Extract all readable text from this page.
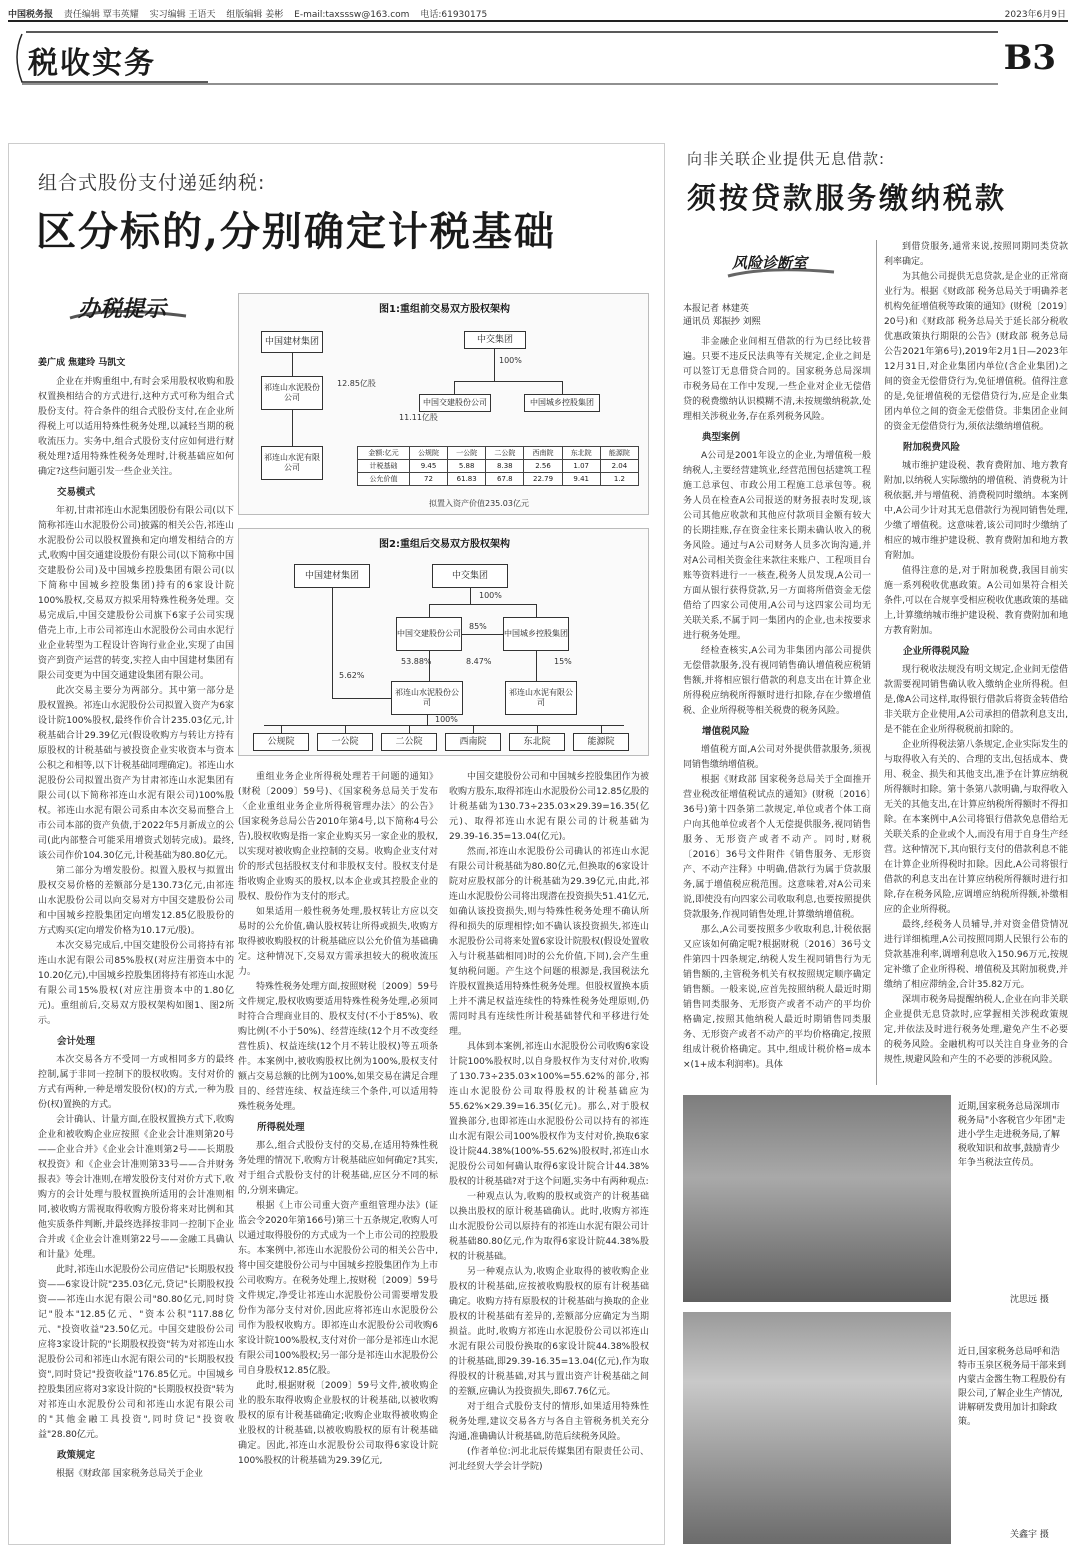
中国税务报 责任编辑 覃韦英耀 实习编辑 王语天 组版编辑 姜彬 E-mail:taxsssw@163.com 电话:61930175	2023年6月9日
税收实务	B3
组合式股份支付递延纳税:
区分标的,分别确定计税基础
办税提示
姜广成 焦建玲 马凯文

企业在并购重组中,有时会采用股权收购和股权置换相结合的方式进行,这种方式可称为组合式股份支付。符合条件的组合式股份支付,在企业所得税上可以适用特殊性税务处理,以减轻当期的税收流压力。实务中,组合式股份支付应如何进行财税处理?适用特殊性税务处理时,计税基础应如何确定?这些问题引发一些企业关注。

交易模式

年初,甘肃祁连山水泥集团股份有限公司(以下简称祁连山水泥股份公司)披露的相关公告,祁连山水泥股份公司以股权置换和定向增发相结合的方式,收购中国交通建设股份有限公司(以下简称中国交建股份公司)及中国城乡控股集团有限公司(以下简称中国城乡控股集团)持有的6家设计院100%股权,交易双方拟采用特殊性税务处理。交易完成后,中国交建股份公司旗下6家子公司实现借壳上市,上市公司祁连山水泥股份公司由水泥行业企业转型为工程设计咨询行业企业,实现了由国资产到资产运营的转变,实控人由中国建材集团有限公司变更为中国交通建设集团有限公司。

此次交易主要分为两部分。其中第一部分是股权置换。祁连山水泥股份公司拟置入资产为6家设计院100%股权,最终作价合计235.03亿元,计税基础合计29.39亿元(假设收购方与转让方持有原股权的计税基础与被投资企业实收资本与资本公积之和相等,以下计税基础同理确定)。祁连山水泥股份公司拟置出资产为甘肃祁连山水泥集团有限公司(以下简称祁连山水泥有限公司)100%股权。祁连山水泥有限公司系由本次交易而整合上市公司本部的资产负债,于2022年5月新成立的公司(此内部整合可能采用增资式划转完成)。最终,该公司作价104.30亿元,计税基础为80.80亿元。

第二部分为增发股份。拟置入股权与拟置出股权交易价格的差额部分是130.73亿元,由祁连山水泥股份公司以向交易对方中国交建股份公司和中国城乡控股集团定向增发12.85亿股股份的方式购买(定向增发价格为10.17元/股)。

本次交易完成后,中国交建股份公司将持有祁连山水泥有限公司85%股权(对应注册资本中的10.20亿元),中国城乡控股集团将持有祁连山水泥有限公司15%股权(对应注册资本中的1.80亿元)。重组前后,交易双方股权架构如图1、图2所示。

会计处理

本次交易各方不受同一方或相同多方的最终控制,属于非同一控制下的股权收购。支付对价的方式有两种,一种是增发股份(权)的方式,一种为股份(权)置换的方式。

会计确认、计量方面,在股权置换方式下,收购企业和被收购企业应按照《企业会计准则第20号——企业合并》《企业会计准则第2号——长期股权投资》和《企业会计准则第33号——合并财务报表》等会计准则,在增发股份支付对价方式下,收购方的会计处理与股权置换所适用的会计准则相同,被收购方需视取得收购方股份将来对比例和其他实质条件判断,并最终选择按非同一控制下企业合并或《企业会计准则第22号——金融工具确认和计量》处理。

此时,祁连山水泥股份公司应借记"长期股权投资——6家设计院"235.03亿元,贷记"长期股权投资——祁连山水泥有限公司"80.80亿元,同时贷记"股本"12.85亿元、"资本公积"117.88亿元、"投资收益"23.50亿元。中国交建股份公司应将3家设计院的"长期股权投资"转为对祁连山水泥股份公司和祁连山水泥有限公司的"长期股权投资",同时贷记"投资收益"176.85亿元。中国城乡控股集团应将对3家设计院的"长期股权投资"转为对祁连山水泥股份公司和祁连山水泥有限公司的"其他金融工具投资",同时贷记"投资收益"28.80亿元。

政策规定

根据《财政部 国家税务总局关于企业

图1:重组前交易双方股权架构
中国建材集团
祁连山水泥股份公司
祁连山水泥有限公司
中交集团
中国交建股份公司	中国城乡控股集团
12.85亿股
11.11亿股
100%
金额:亿元	公规院	一公院	二公院	西南院	东北院	能源院
计税基础	9.45	5.88	8.38	2.56	1.07	2.04
公允价值	72	61.83	67.8	22.79	9.41	1.2
拟置入资产价值235.03亿元
图2:重组后交易双方股权架构
中国建材集团	中交集团
中国交建股份公司	中国城乡控股集团
祁连山水泥股份公司
祁连山水泥有限公司
100%
85%
5.62%
53.88%	8.47%	15%
100%
公规院	一公院	二公院	西南院	东北院	能源院

重组业务企业所得税处理若干问题的通知》(财税〔2009〕59号)、《国家税务总局关于发布〈企业重组业务企业所得税管理办法〉的公告》(国家税务总局公告2010年第4号,以下简称4号公告),股权收购是指一家企业购买另一家企业的股权,以实现对被收购企业控制的交易。收购企业支付对价的形式包括股权支付和非股权支付。股权支付是指收购企业购买的股权,以本企业或其控股企业的股权、股份作为支付的形式。

如果适用一般性税务处理,股权转让方应以交易时的公允价值,确认股权转让所得或损失,收购方取得被收购股权的计税基础应以公允价值为基础确定。这种情况下,交易双方需承担较大的税收流压力。

特殊性税务处理方面,按照财税〔2009〕59号文件规定,股权收购要适用特殊性税务处理,必须同时符合合理商业目的、股权支付(不小于85%)、收购比例(不小于50%)、经营连续(12个月不改变经营性质)、权益连续(12个月不转让股权)等五项条件。本案例中,被收购股权比例为100%,股权支付额占交易总额的比例为100%,如果交易在满足合理目的、经营连续、权益连续三个条件,可以适用特殊性税务处理。

所得税处理

那么,组合式股份支付的交易,在适用特殊性税务处理的情况下,收购方计税基础应如何确定?其实,对于组合式股份支付的计税基础,应区分不同的标的,分别来确定。

根据《上市公司重大资产重组管理办法》(证监会令2020年第166号)第三十五条规定,收购人可以通过取得股份的方式成为一个上市公司的控股股东。本案例中,祁连山水泥股份公司的相关公告中,将中国交建股份公司与中国城乡控股集团作为上市公司收购方。在税务处理上,按财税〔2009〕59号文件规定,净受让祁连山水泥股份公司需要增发股份作为部分支付对价,因此应将祁连山水泥股份公司作为股权收购方。即祁连山水泥股份公司收购6家设计院100%股权,支付对价一部分是祁连山水泥有限公司100%股权;另一部分是祁连山水泥股份公司自身股权12.85亿股。

此时,根据财税〔2009〕59号文件,被收购企业的股东取得收购企业股权的计税基础,以被收购股权的原有计税基础确定;收购企业取得被收购企业股权的计税基础,以被收购股权的原有计税基础确定。因此,祁连山水泥股份公司取得6家设计院100%股权的计税基础为29.39亿元,

中国交建股份公司和中国城乡控股集团作为被收购方股东,取得祁连山水泥股份公司12.85亿股的计税基础为130.73÷235.03×29.39=16.35(亿元)、取得祁连山水泥有限公司的计税基础为29.39-16.35=13.04(亿元)。

然而,祁连山水泥股份公司确认的祁连山水泥有限公司计税基础为80.80亿元,但换取的6家设计院对应股权部分的计税基础为29.39亿元,由此,祁连山水泥股份公司将出现潜在投资损失51.41亿元,如确认该投资损失,则与特殊性税务处理不确认所得和损失的原理相悖;如不确认该投资损失,祁连山水泥股份公司将来处置6家设计院股权(假设处置收入与计税基础相同)时的公允价值,下同),会产生重复纳税问题。产生这个问题的根源是,我国税法允许股权置换适用特殊性税务处理。但股权置换本质上并不满足权益连续性的特殊性税务处理原则,仍需同时具有连续性所计税基础替代和平移进行处理。

具体到本案例,祁连山水泥股份公司收购6家设计院100%股权时,以自身股权作为支付对价,收购了130.73÷235.03×100%=55.62%的部分,祁连山水泥股份公司取得股权的计税基础应为55.62%×29.39=16.35(亿元)。那么,对于股权置换部分,也即祁连山水泥股份公司以持有的祁连山水泥有限公司100%股权作为支付对价,换取6家设计院44.38%(100%-55.62%)股权时,祁连山水泥股份公司如何确认取得6家设计院合计44.38%股权的计税基础?对于这个问题,实务中有两种观点:

一种观点认为,收购的股权或资产的计税基础以换出股权的原计税基础确认。此时,收购方祁连山水泥股份公司以原持有的祁连山水泥有限公司计税基础80.80亿元,作为取得6家设计院44.38%股权的计税基础。

另一种观点认为,收购企业取得的被收购企业股权的计税基础,应按被收购股权的原有计税基础确定。收购方持有原股权的计税基础与换取的企业股权的计税基础有差异的,差额部分应确定为当期损益。此时,收购方祁连山水泥股份公司以祁连山水泥有限公司股份换取的6家设计院44.38%股权的计税基础,即29.39-16.35=13.04(亿元),作为取得股权的计税基础,对其与置出资产计税基础之间的差额,应确认为投资损失,即67.76亿元。

对于组合式股份支付的情形,如果适用特殊性税务处理,建议交易各方与各自主管税务机关充分沟通,准确确认计税基础,防范后续税务风险。

(作者单位:河北北辰传媒集团有限责任公司、河北经贸大学会计学院)

向非关联企业提供无息借款:
须按贷款服务缴纳税款
风险诊断室
本报记者 林建英
通讯员 郑振抄 刘熙

非金融企业间相互借款的行为已经比较普遍。只要不违反民法典等有关规定,企业之间是可以签订无息借贷合同的。国家税务总局深圳市税务局在工作中发现,一些企业对企业无偿借贷的税费缴纳认识模糊不清,未按规缴纳税款,处理相关涉税业务,存在系列税务风险。

典型案例

A公司是2001年设立的企业,为增值税一般纳税人,主要经营建筑业,经营范围包括建筑工程施工总承包、市政公用工程施工总承包等。税务人员在检查A公司报送的财务报表时发现,该公司其他应收款和其他应付款项目金额有较大的长期挂账,存在资金往来长期未确认收入的税务风险。通过与A公司财务人员多次询沟通,并对A公司相关资金往来款往来账户、工程项目台账等资料进行一一核查,税务人员发现,A公司一方面从银行获得贷款,另一方面将所借资金无偿借给了四家公司使用,A公司与这四家公司均无关联关系,不属于同一集团内的企业,也未按要求进行税务处理。

经检查核实,A公司为非集团内部公司提供无偿借款服务,没有视同销售确认增值税应税销售额,并将相应银行借款的利息支出在计算企业所得税应纳税所得额时进行扣除,存在少缴增值税、企业所得税等相关税费的税务风险。

增值税风险

增值税方面,A公司对外提供借款服务,须视同销售缴纳增值税。

根据《财政部 国家税务总局关于全面推开营业税改征增值税试点的通知》(财税〔2016〕36号)第十四条第二款规定,单位或者个体工商户向其他单位或者个人无偿提供服务,视同销售服务、无形资产或者不动产。同时,财税〔2016〕36号文件附件《销售服务、无形资产、不动产注释》中明确,借款行为属于贷款服务,属于增值税应税范围。这意味着,对A公司来说,即使没有向四家公司收取利息,也要按照提供贷款服务,作视同销售处理,计算缴纳增值税。

那么,A公司要按照多少收取利息,计税依据又应该如何确定呢?根据财税〔2016〕36号文件第四十四条规定,纳税人发生视同销售行为无销售额的,主管税务机关有权按照规定顺序确定销售额。一般来说,应首先按照纳税人最近时期销售同类服务、无形资产或者不动产的平均价格确定,按照其他纳税人最近时期销售同类服务、无形资产或者不动产的平均价格确定,按照组成计税价格确定。其中,组成计税价格=成本×(1+成本利润率)。具体

到借贷服务,通常来说,按照同期同类贷款利率确定。

为其他公司提供无息贷款,是企业的正常商业行为。根据《财政部 税务总局关于明确养老机构免征增值税等政策的通知》(财税〔2019〕20号)和《财政部 税务总局关于延长部分税收优惠政策执行期限的公告》(财政部 税务总局公告2021年第6号),2019年2月1日—2023年12月31日,对企业集团内单位(含企业集团)之间的资金无偿借贷行为,免征增值税。值得注意的是,免征增值税的无偿借贷行为,应是企业集团内单位之间的资金无偿借贷。非集团企业间的资金无偿借贷行为,须依法缴纳增值税。

附加税费风险

城市维护建设税、教育费附加、地方教育附加,以纳税人实际缴纳的增值税、消费税为计税依据,并与增值税、消费税同时缴纳。本案例中,A公司少计对其无息借款行为视同销售处理,少缴了增值税。这意味着,该公司同时少缴纳了相应的城市维护建设税、教育费附加和地方教育附加。

值得注意的是,对于附加税费,我国目前实施一系列税收优惠政策。A公司如果符合相关条件,可以在合规享受相应税收优惠政策的基础上,计算缴纳城市维护建设税、教育费附加和地方教育附加。

企业所得税风险

现行税收法规没有明文规定,企业间无偿借款需要视同销售确认收入缴纳企业所得税。但是,像A公司这样,取得银行借款后将资金转借给非关联方企业使用,A公司承担的借款利息支出,是不能在企业所得税税前扣除的。

企业所得税法第八条规定,企业实际发生的与取得收入有关的、合理的支出,包括成本、费用、税金、损失和其他支出,准予在计算应纳税所得额时扣除。第十条第八款明确,与取得收入无关的其他支出,在计算应纳税所得额时不得扣除。在本案例中,A公司将银行借款免息借给无关联关系的企业或个人,而没有用于自身生产经营。这种情况下,其向银行支付的借款利息不能在计算企业所得税时扣除。因此,A公司将银行借款的利息支出在计算应纳税所得额时进行扣除,存在税务风险,应调增应纳税所得额,补缴相应的企业所得税。

最终,经税务人员辅导,并对资金借贷情况进行详细梳理,A公司按照同期人民银行公布的贷款基准利率,调增利息收入150.96万元,按规定补缴了企业所得税、增值税及其附加税费,并缴纳了相应滞纳金,合计35.82万元。

深圳市税务局提醒纳税人,企业在向非关联企业提供无息贷款时,应掌握相关涉税政策规定,并依法及时进行税务处理,避免产生不必要的税务风险。金融机构可以关注自身业务的合规性,规避风险和产生的不必要的涉税风险。

近期,国家税务总局深圳市税务局"小客税官少年团"走进小学生走进税务局,了解税收知识和故事,鼓励青少年争当税法宣传员。
沈思远 摄
近日,国家税务总局呼和浩特市玉泉区税务局干部来到内蒙古金酱生物工程股份有限公司,了解企业生产情况,讲解研发费用加计扣除政策。
关鑫宇 摄
